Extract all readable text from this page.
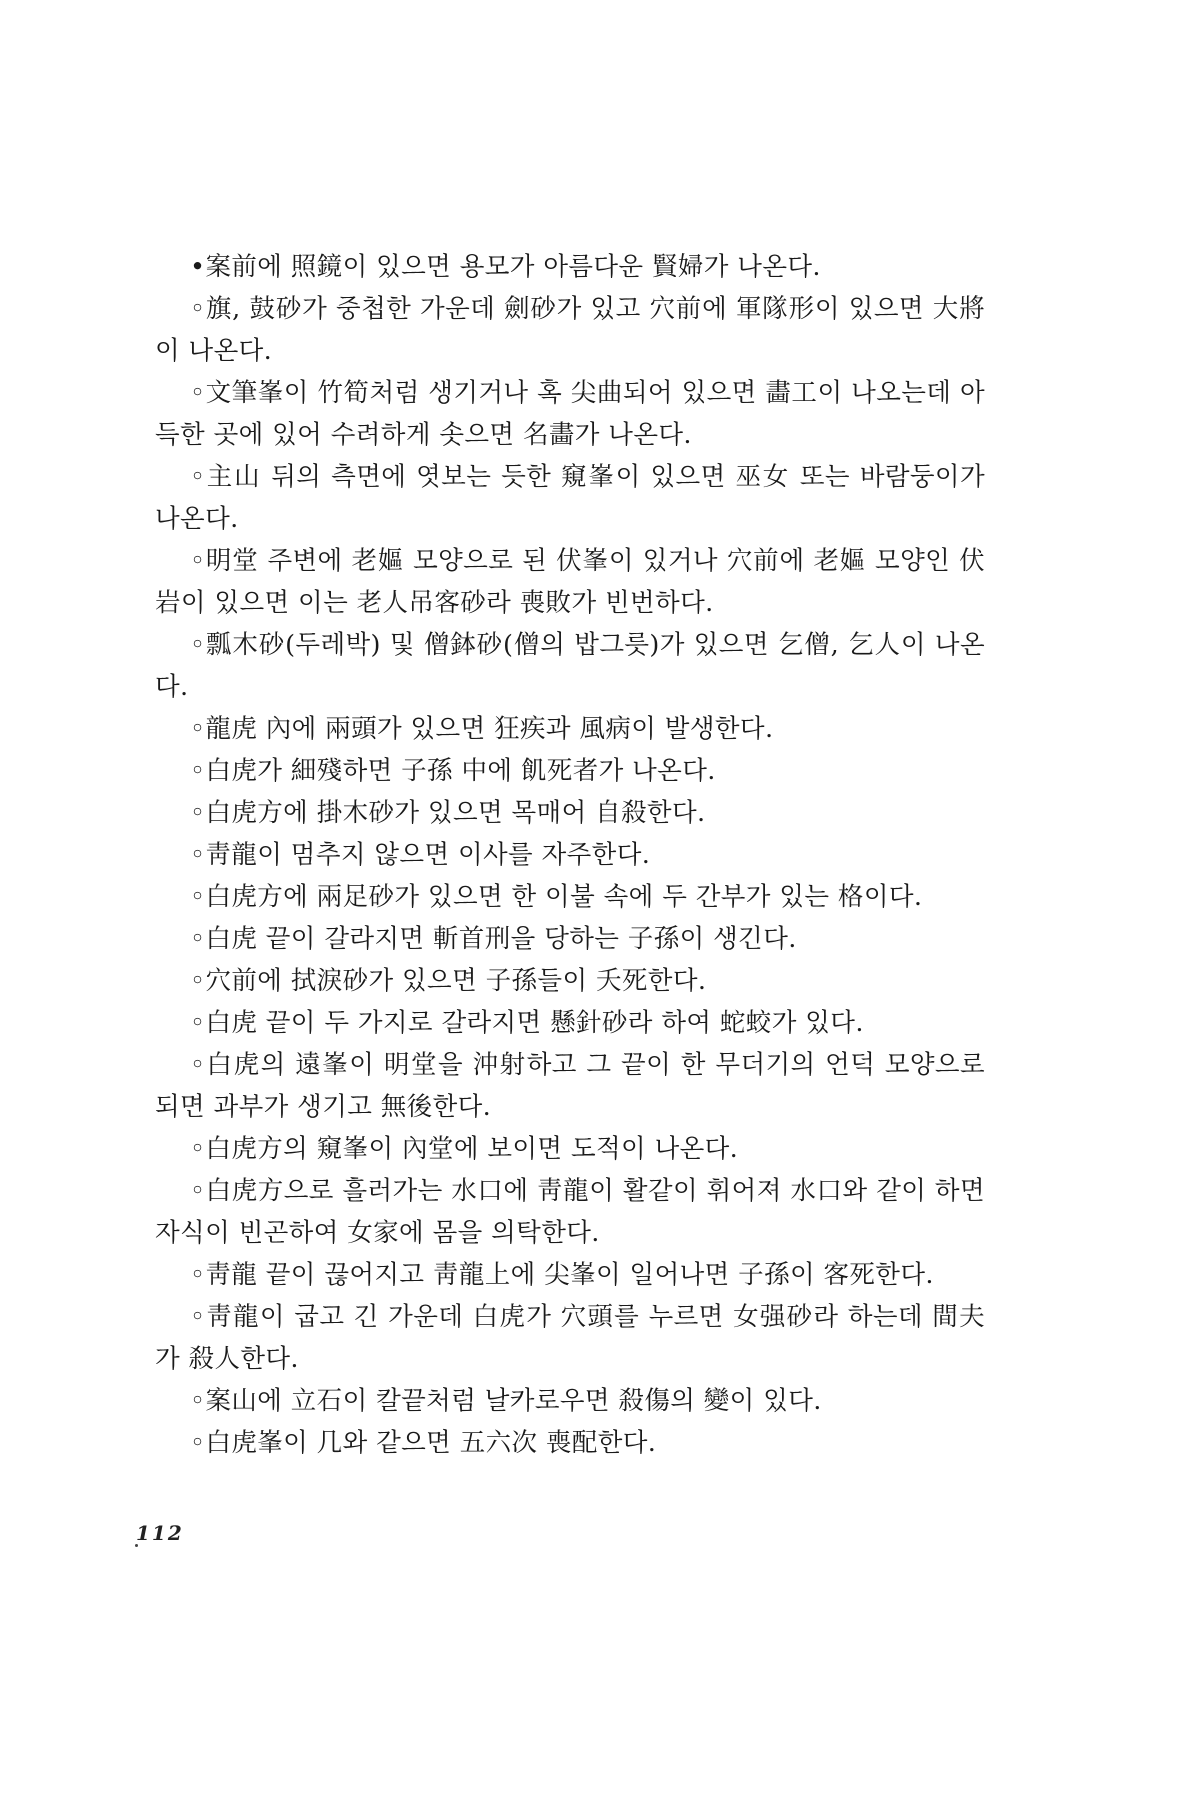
•案前에 照鏡이 있으면 용모가 아름다운 賢婦가 나온다.

◦旗, 鼓砂가 중첩한 가운데 劍砂가 있고 穴前에 軍隊形이 있으면 大將이 나온다.

◦文筆峯이 竹筍처럼 생기거나 혹 尖曲되어 있으면 畵工이 나오는데 아득한 곳에 있어 수려하게 솟으면 名畵가 나온다.

◦主山 뒤의 측면에 엿보는 듯한 窺峯이 있으면 巫女 또는 바람둥이가 나온다.

◦明堂 주변에 老嫗 모양으로 된 伏峯이 있거나 穴前에 老嫗 모양인 伏岩이 있으면 이는 老人吊客砂라 喪敗가 빈번하다.

◦瓢木砂(두레박) 및 僧鉢砂(僧의 밥그릇)가 있으면 乞僧, 乞人이 나온다.

◦龍虎 內에 兩頭가 있으면 狂疾과 風病이 발생한다.

◦白虎가 細殘하면 子孫 中에 飢死者가 나온다.

◦白虎方에 掛木砂가 있으면 목매어 自殺한다.

◦靑龍이 멈추지 않으면 이사를 자주한다.

◦白虎方에 兩足砂가 있으면 한 이불 속에 두 간부가 있는 格이다.

◦白虎 끝이 갈라지면 斬首刑을 당하는 子孫이 생긴다.

◦穴前에 拭淚砂가 있으면 子孫들이 夭死한다.

◦白虎 끝이 두 가지로 갈라지면 懸針砂라 하여 蛇蛟가 있다.

◦白虎의 遠峯이 明堂을 沖射하고 그 끝이 한 무더기의 언덕 모양으로 되면 과부가 생기고 無後한다.

◦白虎方의 窺峯이 內堂에 보이면 도적이 나온다.

◦白虎方으로 흘러가는 水口에 靑龍이 활같이 휘어져 水口와 같이 하면 자식이 빈곤하여 女家에 몸을 의탁한다.

◦靑龍 끝이 끊어지고 靑龍上에 尖峯이 일어나면 子孫이 客死한다.

◦靑龍이 굽고 긴 가운데 白虎가 穴頭를 누르면 女强砂라 하는데 間夫가 殺人한다.

◦案山에 立石이 칼끝처럼 날카로우면 殺傷의 變이 있다.

◦白虎峯이 几와 같으면 五六次 喪配한다.

112
